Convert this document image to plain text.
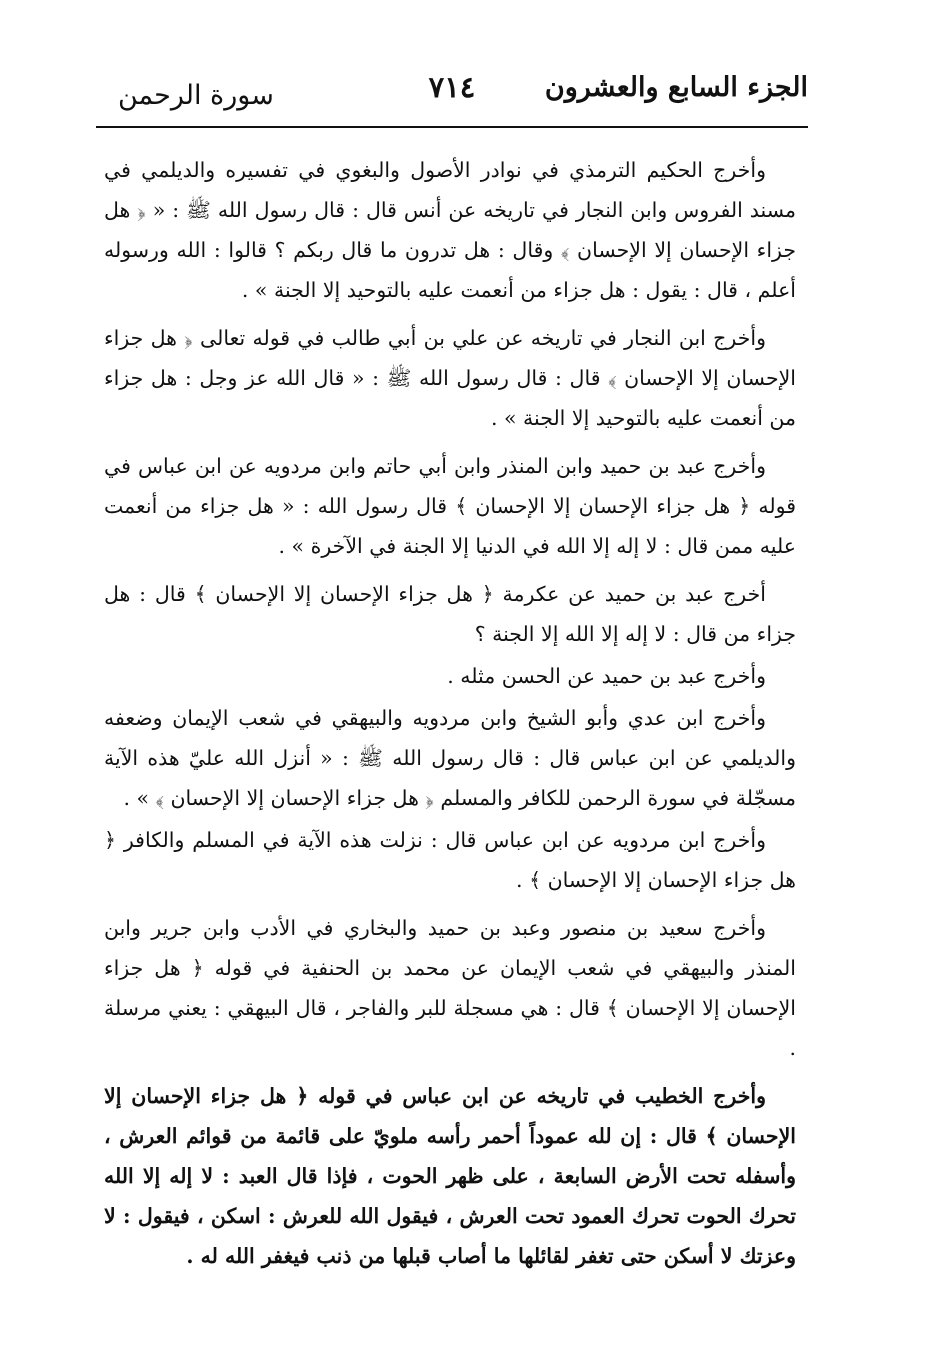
الجزء السابع والعشرون
٧١٤
سورة الرحمن

وأخرج الحكيم الترمذي في نوادر الأصول والبغوي في تفسيره والديلمي في مسند الفروس وابن النجار في تاريخه عن أنس قال : قال رسول الله ﷺ : « ﴿ هل جزاء الإحسان إلا الإحسان ﴾ وقال : هل تدرون ما قال ربكم ؟ قالوا : الله ورسوله أعلم ، قال : يقول : هل جزاء من أنعمت عليه بالتوحيد إلا الجنة » .

وأخرج ابن النجار في تاريخه عن علي بن أبي طالب في قوله تعالى ﴿ هل جزاء الإحسان إلا الإحسان ﴾ قال : قال رسول الله ﷺ : « قال الله عز وجل : هل جزاء من أنعمت عليه بالتوحيد إلا الجنة » .

وأخرج عبد بن حميد وابن المنذر وابن أبي حاتم وابن مردويه عن ابن عباس في قوله ﴿ هل جزاء الإحسان إلا الإحسان ﴾ قال رسول الله : « هل جزاء من أنعمت عليه ممن قال : لا إله إلا الله في الدنيا إلا الجنة في الآخرة » .

أخرج عبد بن حميد عن عكرمة ﴿ هل جزاء الإحسان إلا الإحسان ﴾ قال : هل جزاء من قال : لا إله إلا الله إلا الجنة ؟

وأخرج عبد بن حميد عن الحسن مثله .

وأخرج ابن عدي وأبو الشيخ وابن مردويه والبيهقي في شعب الإيمان وضعفه والديلمي عن ابن عباس قال : قال رسول الله ﷺ : « أنزل الله عليّ هذه الآية مسجّلة في سورة الرحمن للكافر والمسلم ﴿ هل جزاء الإحسان إلا الإحسان ﴾ » .

وأخرج ابن مردويه عن ابن عباس قال : نزلت هذه الآية في المسلم والكافر ﴿ هل جزاء الإحسان إلا الإحسان ﴾ .

وأخرج سعيد بن منصور وعبد بن حميد والبخاري في الأدب وابن جرير وابن المنذر والبيهقي في شعب الإيمان عن محمد بن الحنفية في قوله ﴿ هل جزاء الإحسان إلا الإحسان ﴾ قال : هي مسجلة للبر والفاجر ، قال البيهقي : يعني مرسلة .

وأخرج الخطيب في تاريخه عن ابن عباس في قوله ﴿ هل جزاء الإحسان إلا الإحسان ﴾ قال : إن لله عموداً أحمر رأسه ملويّ على قائمة من قوائم العرش ، وأسفله تحت الأرض السابعة ، على ظهر الحوت ، فإذا قال العبد : لا إله إلا الله تحرك الحوت تحرك العمود تحت العرش ، فيقول الله للعرش : اسكن ، فيقول : لا وعزتك لا أسكن حتى تغفر لقائلها ما أصاب قبلها من ذنب فيغفر الله له .
